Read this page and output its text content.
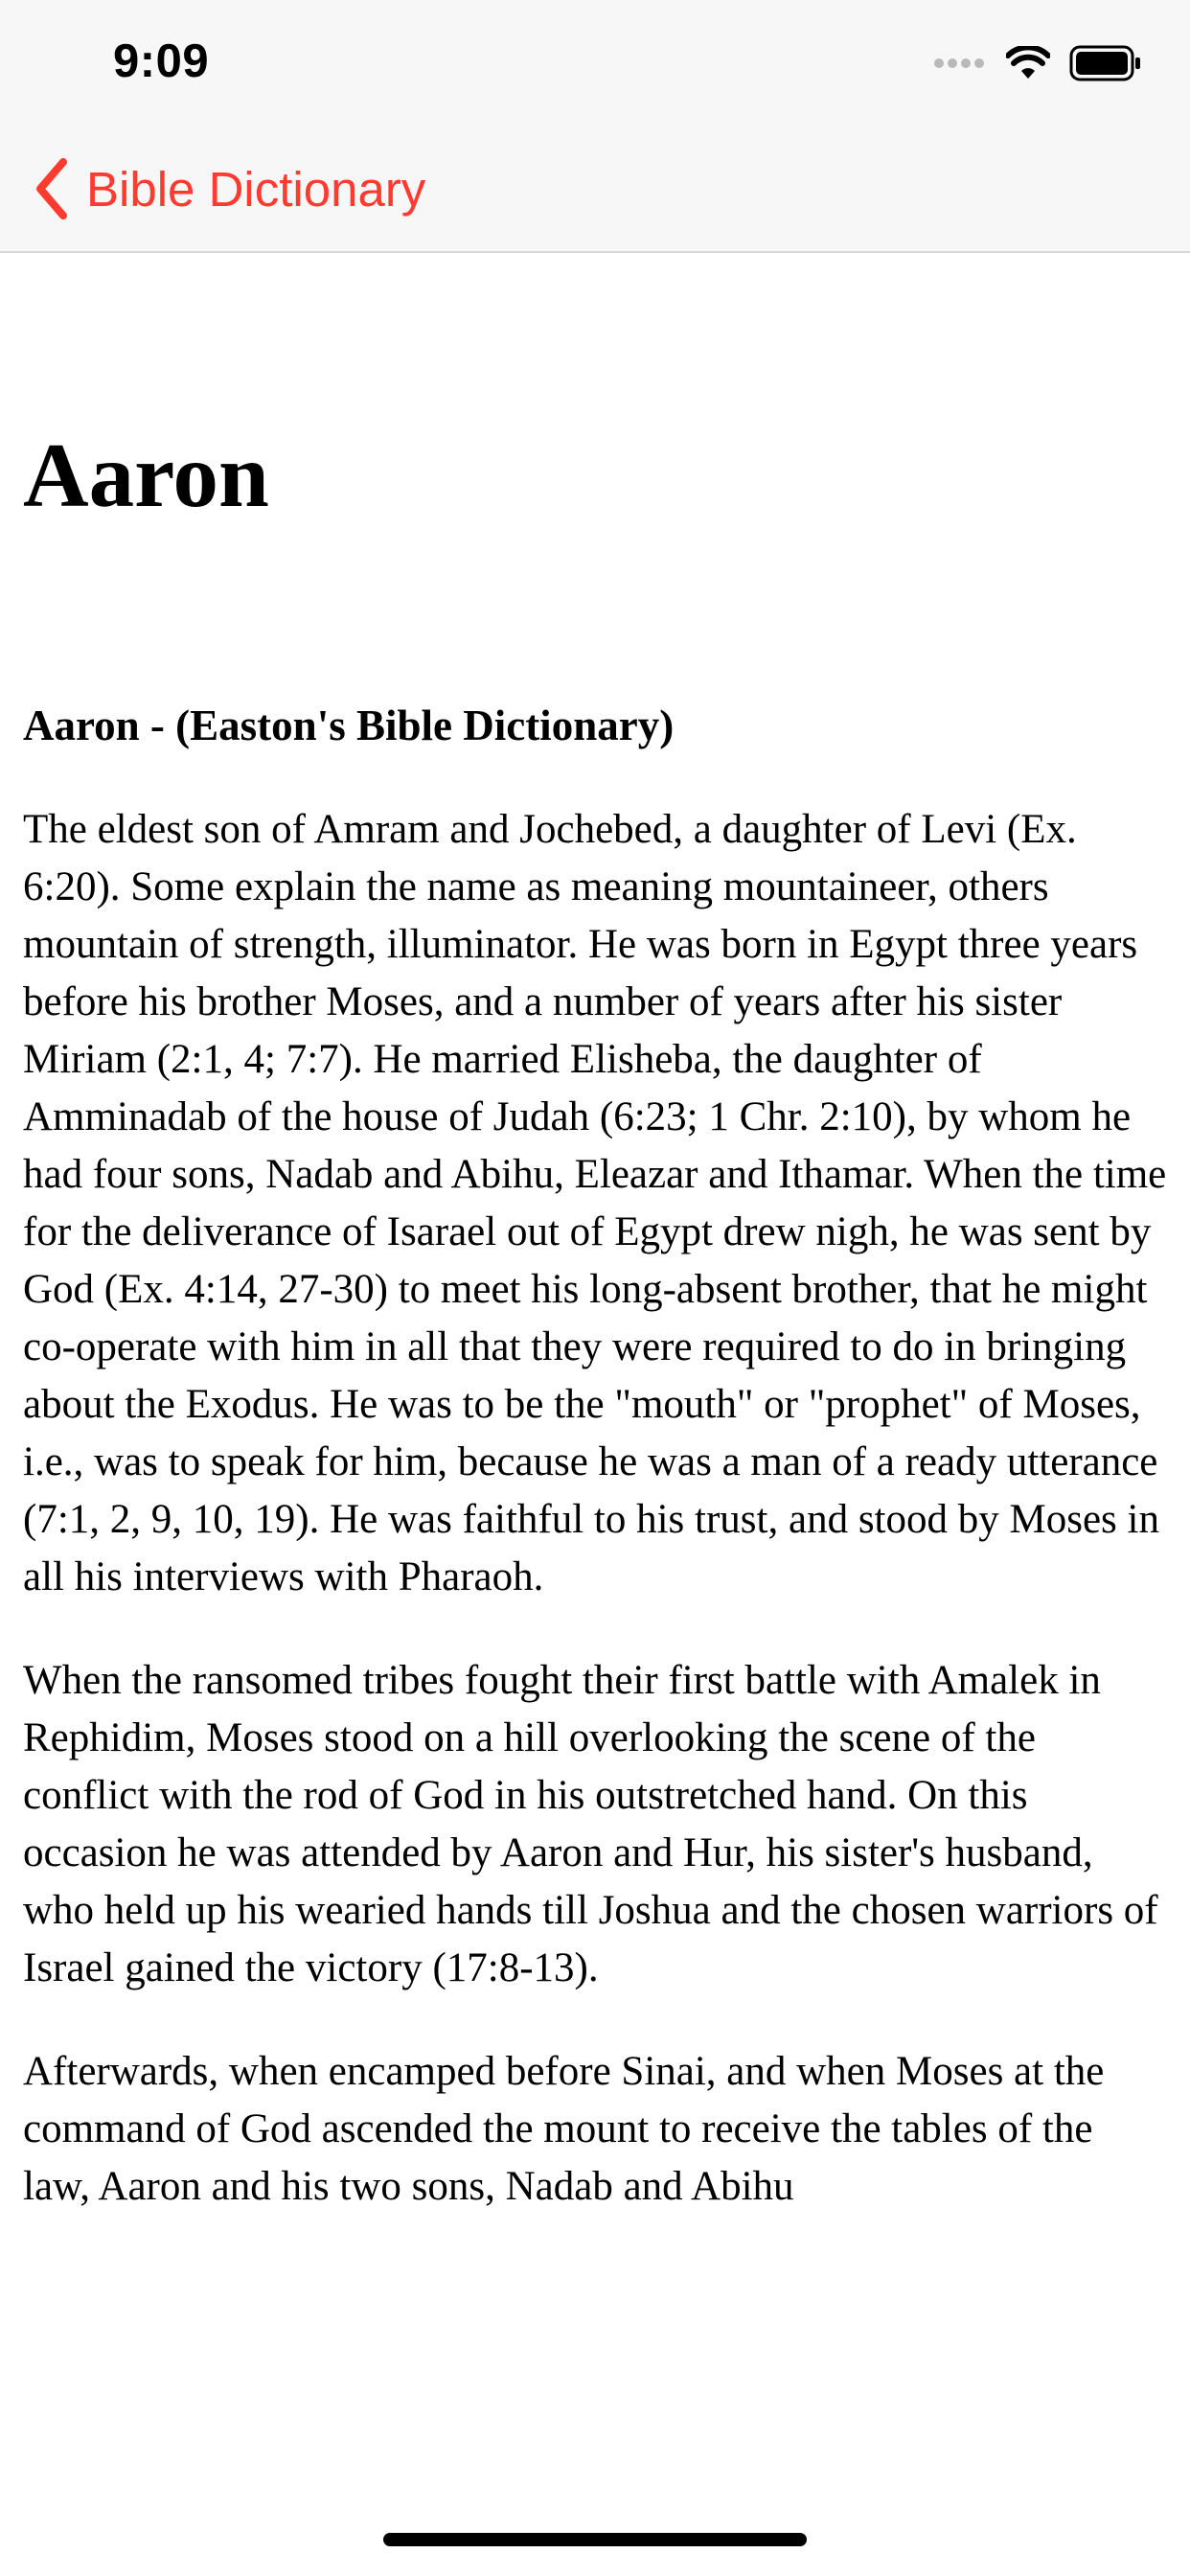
9:09
Bible Dictionary
Aaron
Aaron - (Easton's Bible Dictionary)

The eldest son of Amram and Jochebed, a daughter of Levi (Ex. 6:20). Some explain the name as meaning mountaineer, others mountain of strength, illuminator. He was born in Egypt three years before his brother Moses, and a number of years after his sister Miriam (2:1, 4; 7:7). He married Elisheba, the daughter of Amminadab of the house of Judah (6:23; 1 Chr. 2:10), by whom he had four sons, Nadab and Abihu, Eleazar and Ithamar. When the time for the deliverance of Isarael out of Egypt drew nigh, he was sent by God (Ex. 4:14, 27-30) to meet his long-absent brother, that he might co-operate with him in all that they were required to do in bringing about the Exodus. He was to be the "mouth" or "prophet" of Moses, i.e., was to speak for him, because he was a man of a ready utterance (7:1, 2, 9, 10, 19). He was faithful to his trust, and stood by Moses in all his interviews with Pharaoh.

When the ransomed tribes fought their first battle with Amalek in Rephidim, Moses stood on a hill overlooking the scene of the conflict with the rod of God in his outstretched hand. On this occasion he was attended by Aaron and Hur, his sister's husband, who held up his wearied hands till Joshua and the chosen warriors of Israel gained the victory (17:8-13).

Afterwards, when encamped before Sinai, and when Moses at the command of God ascended the mount to receive the tables of the law, Aaron and his two sons, Nadab and Abihu
